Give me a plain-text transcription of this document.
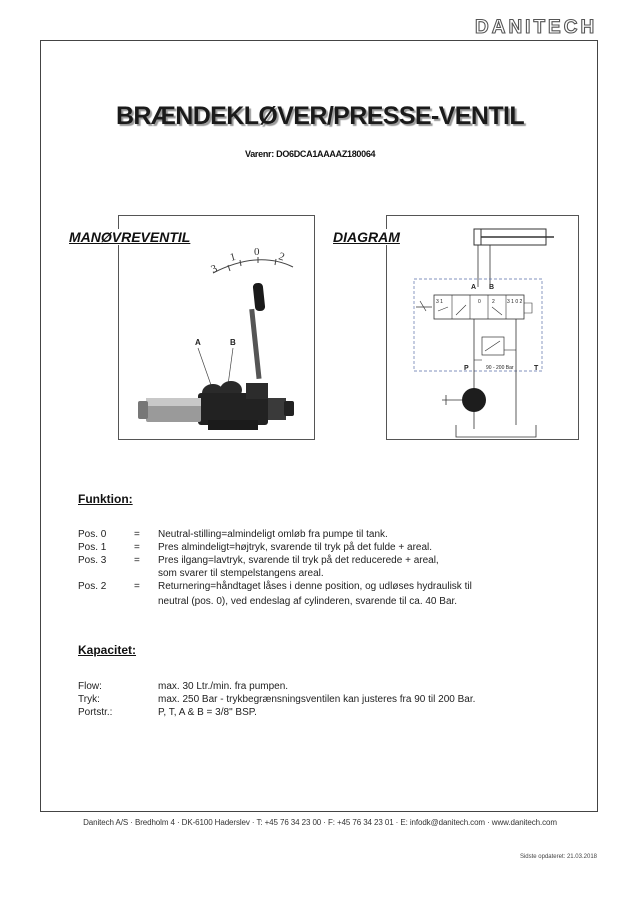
DANITECH
BRÆNDEKLØVER/PRESSE-VENTIL
Varenr: DO6DCA1AAAAZ180064
3
1 0 2
A	B
MANØVREVENTIL
A B
3 1	0 2 3 1 0 2
90 - 200 Bar
P	T
DIAGRAM
Funktion:
Pos. 0	= Neutral-stilling=almindeligt omløb fra pumpe til tank.
Pos. 1	= Pres almindeligt=højtryk, svarende til tryk på det fulde + areal.
Pos. 3	= Pres ilgang=lavtryk, svarende til tryk på det reducerede + areal,
som svarer til stempelstangens areal.
Pos. 2	= Returnering=håndtaget låses i denne position, og udløses hydraulisk til
neutral (pos. 0), ved endeslag af cylinderen, svarende til ca. 40 Bar.
Kapacitet:
Flow:	max. 30 Ltr./min. fra pumpen.
Tryk:	max. 250 Bar - trykbegrænsningsventilen kan justeres fra 90 til 200 Bar.
Portstr.:	P, T, A & B = 3/8" BSP.
Danitech A/S · Bredholm 4 · DK-6100 Haderslev · T: +45 76 34 23 00 · F: +45 76 34 23 01 · E: infodk@danitech.com · www.danitech.com
Sidste opdateret: 21.03.2018
